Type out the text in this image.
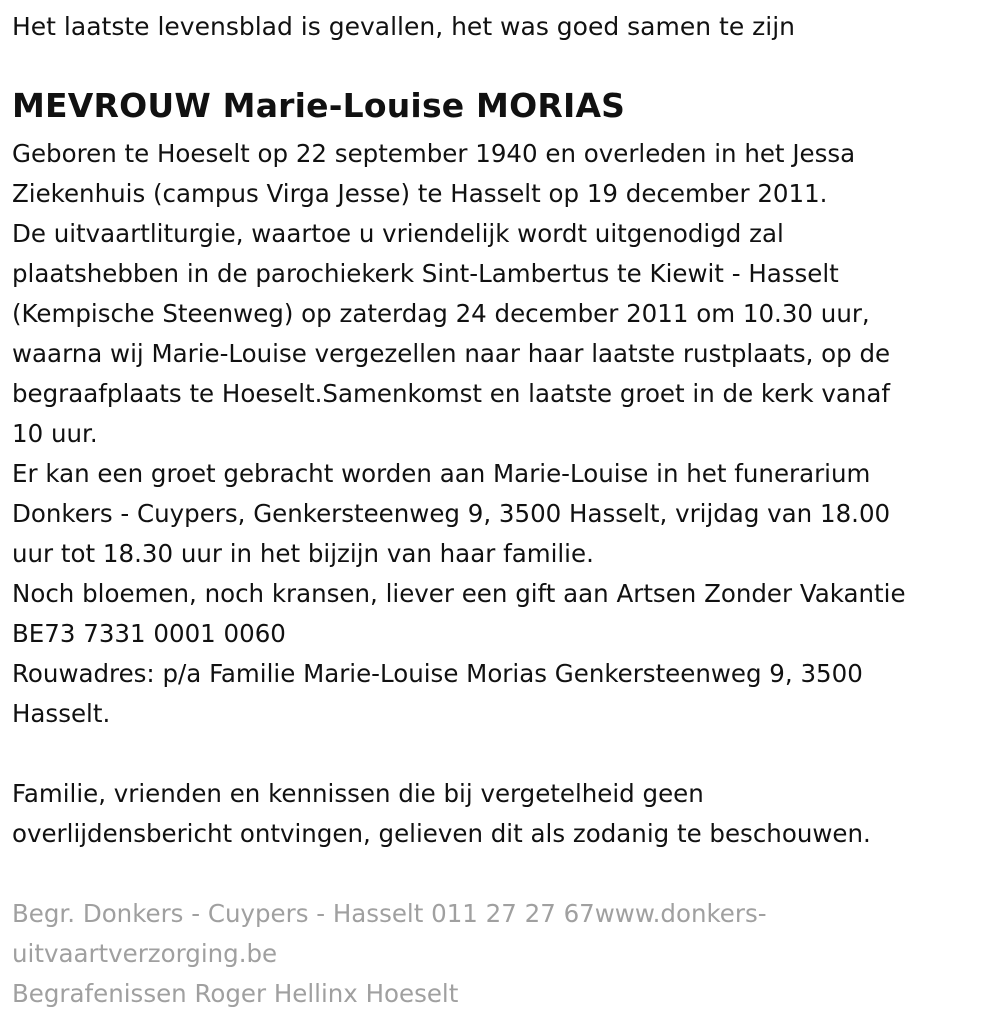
Het laatste levensblad is gevallen, het was goed samen te zijn
MEVROUW Marie-Louise MORIAS

Geboren te Hoeselt op 22 september 1940 en overleden in het Jessa
Ziekenhuis (campus Virga Jesse) te Hasselt op 19 december 2011.

De uitvaartliturgie, waartoe u vriendelijk wordt uitgenodigd zal
plaatshebben in de parochiekerk Sint-Lambertus te Kiewit - Hasselt
(Kempische Steenweg) op zaterdag 24 december 2011 om 10.30 uur,
waarna wij Marie-Louise vergezellen naar haar laatste rustplaats, op de
begraafplaats te Hoeselt.Samenkomst en laatste groet in de kerk vanaf
10 uur.

Er kan een groet gebracht worden aan Marie-Louise in het funerarium
Donkers - Cuypers, Genkersteenweg 9, 3500 Hasselt, vrijdag van 18.00
uur tot 18.30 uur in het bijzijn van haar familie.

Noch bloemen, noch kransen, liever een gift aan Artsen Zonder Vakantie
BE73 7331 0001 0060

Rouwadres: p/a Familie Marie-Louise Morias Genkersteenweg 9, 3500
Hasselt.

Familie, vrienden en kennissen die bij vergetelheid geen
overlijdensbericht ontvingen, gelieven dit als zodanig te beschouwen.

Begr. Donkers - Cuypers - Hasselt 011 27 27 67www.donkers-
uitvaartverzorging.be
Begrafenissen Roger Hellinx Hoeselt
